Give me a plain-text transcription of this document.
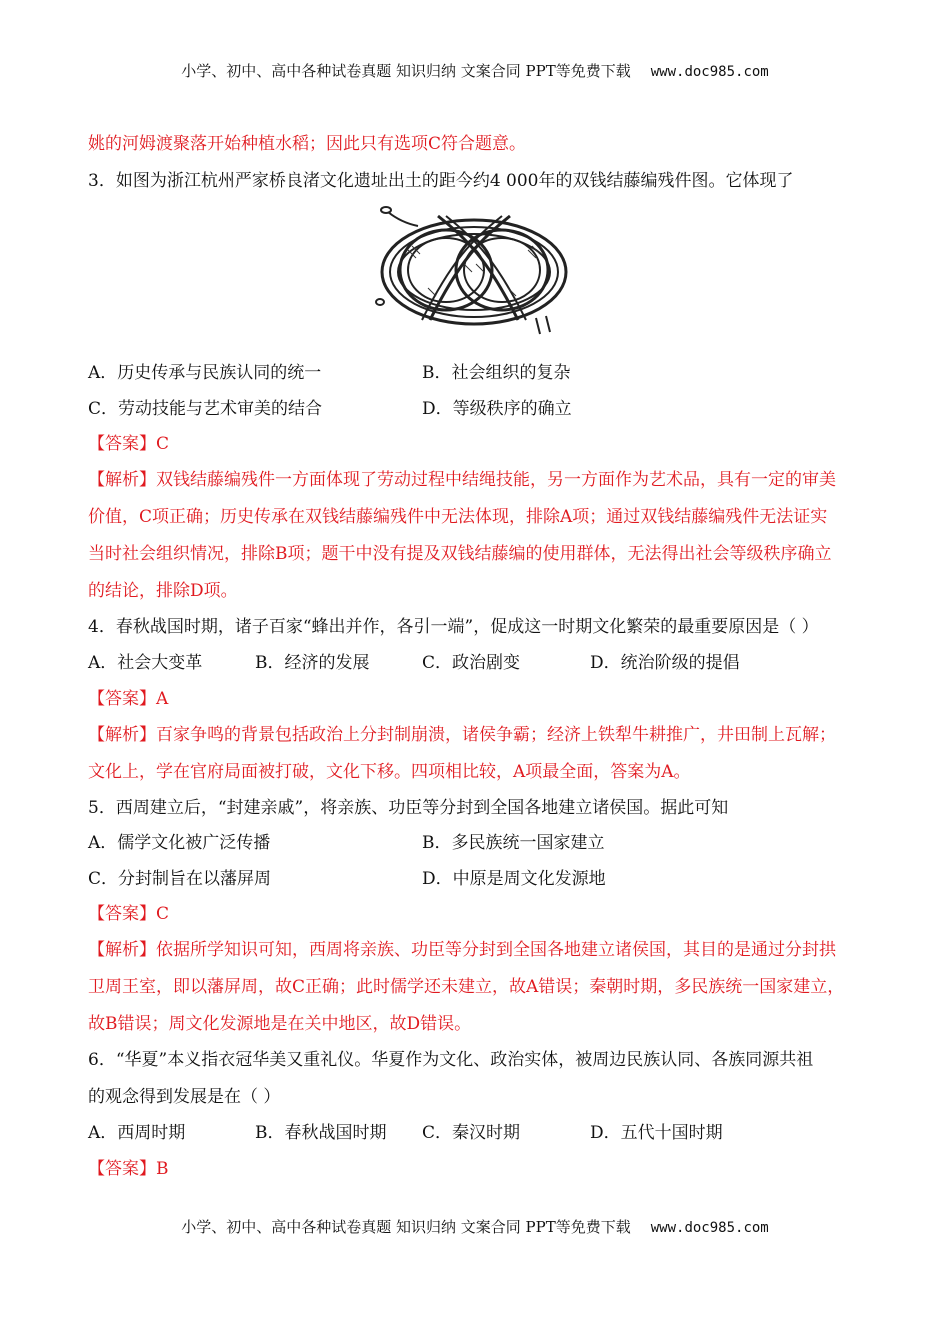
小学、初中、高中各种试卷真题 知识归纳 文案合同 PPT等免费下载 www.doc985.com
姚的河姆渡聚落开始种植水稻；因此只有选项C符合题意。
3．如图为浙江杭州严家桥良渚文化遗址出土的距今约4 000年的双钱结藤编残件图。它体现了
A．历史传承与民族认同的统一	B．社会组织的复杂
C．劳动技能与艺术审美的结合	D．等级秩序的确立
【答案】C
【解析】双钱结藤编残件一方面体现了劳动过程中结绳技能，另一方面作为艺术品，具有一定的审美
价值，C项正确；历史传承在双钱结藤编残件中无法体现，排除A项；通过双钱结藤编残件无法证实
当时社会组织情况，排除B项；题干中没有提及双钱结藤编的使用群体，无法得出社会等级秩序确立
的结论，排除D项。
4．春秋战国时期，诸子百家“蜂出并作，各引一端”，促成这一时期文化繁荣的最重要原因是（ ）
A．社会大变革	B．经济的发展	C．政治剧变	D．统治阶级的提倡
【答案】A
【解析】百家争鸣的背景包括政治上分封制崩溃，诸侯争霸；经济上铁犁牛耕推广，井田制上瓦解；
文化上，学在官府局面被打破，文化下移。四项相比较，A项最全面，答案为A。
5．西周建立后，“封建亲戚”，将亲族、功臣等分封到全国各地建立诸侯国。据此可知
A．儒学文化被广泛传播	B．多民族统一国家建立
C．分封制旨在以藩屏周	D．中原是周文化发源地
【答案】C
【解析】依据所学知识可知，西周将亲族、功臣等分封到全国各地建立诸侯国，其目的是通过分封拱
卫周王室，即以藩屏周，故C正确；此时儒学还未建立，故A错误；秦朝时期，多民族统一国家建立，
故B错误；周文化发源地是在关中地区，故D错误。
6．“华夏”本义指衣冠华美又重礼仪。华夏作为文化、政治实体，被周边民族认同、各族同源共祖
的观念得到发展是在（ ）
A．西周时期	B．春秋战国时期 C．秦汉时期	D．五代十国时期
【答案】B
小学、初中、高中各种试卷真题 知识归纳 文案合同 PPT等免费下载 www.doc985.com
